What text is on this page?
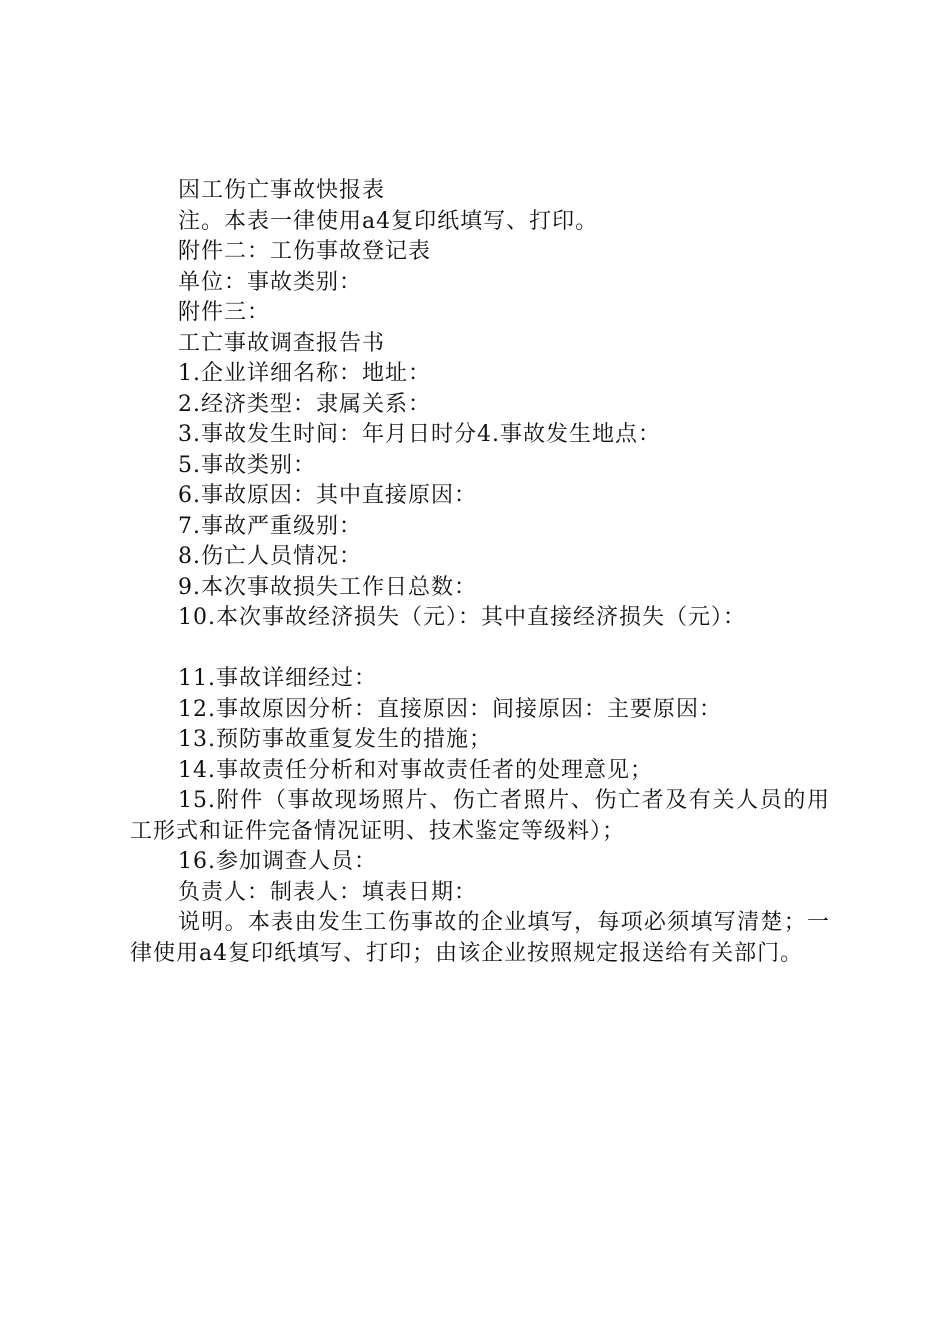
因工伤亡事故快报表
注。本表一律使用a4复印纸填写、打印。
附件二：工伤事故登记表
单位：事故类别：
附件三：
工亡事故调查报告书
1.企业详细名称：地址：
2.经济类型：隶属关系：
3.事故发生时间：年月日时分4.事故发生地点：
5.事故类别：
6.事故原因：其中直接原因：
7.事故严重级别：
8.伤亡人员情况：
9.本次事故损失工作日总数：
10.本次事故经济损失（元）：其中直接经济损失（元）：
11.事故详细经过：
12.事故原因分析：直接原因：间接原因：主要原因：
13.预防事故重复发生的措施；
14.事故责任分析和对事故责任者的处理意见；
15.附件（事故现场照片、伤亡者照片、伤亡者及有关人员的用工形式和证件完备情况证明、技术鉴定等级料）；
16.参加调查人员：
负责人：制表人：填表日期：
说明。本表由发生工伤事故的企业填写，每项必须填写清楚；一律使用a4复印纸填写、打印；由该企业按照规定报送给有关部门。
